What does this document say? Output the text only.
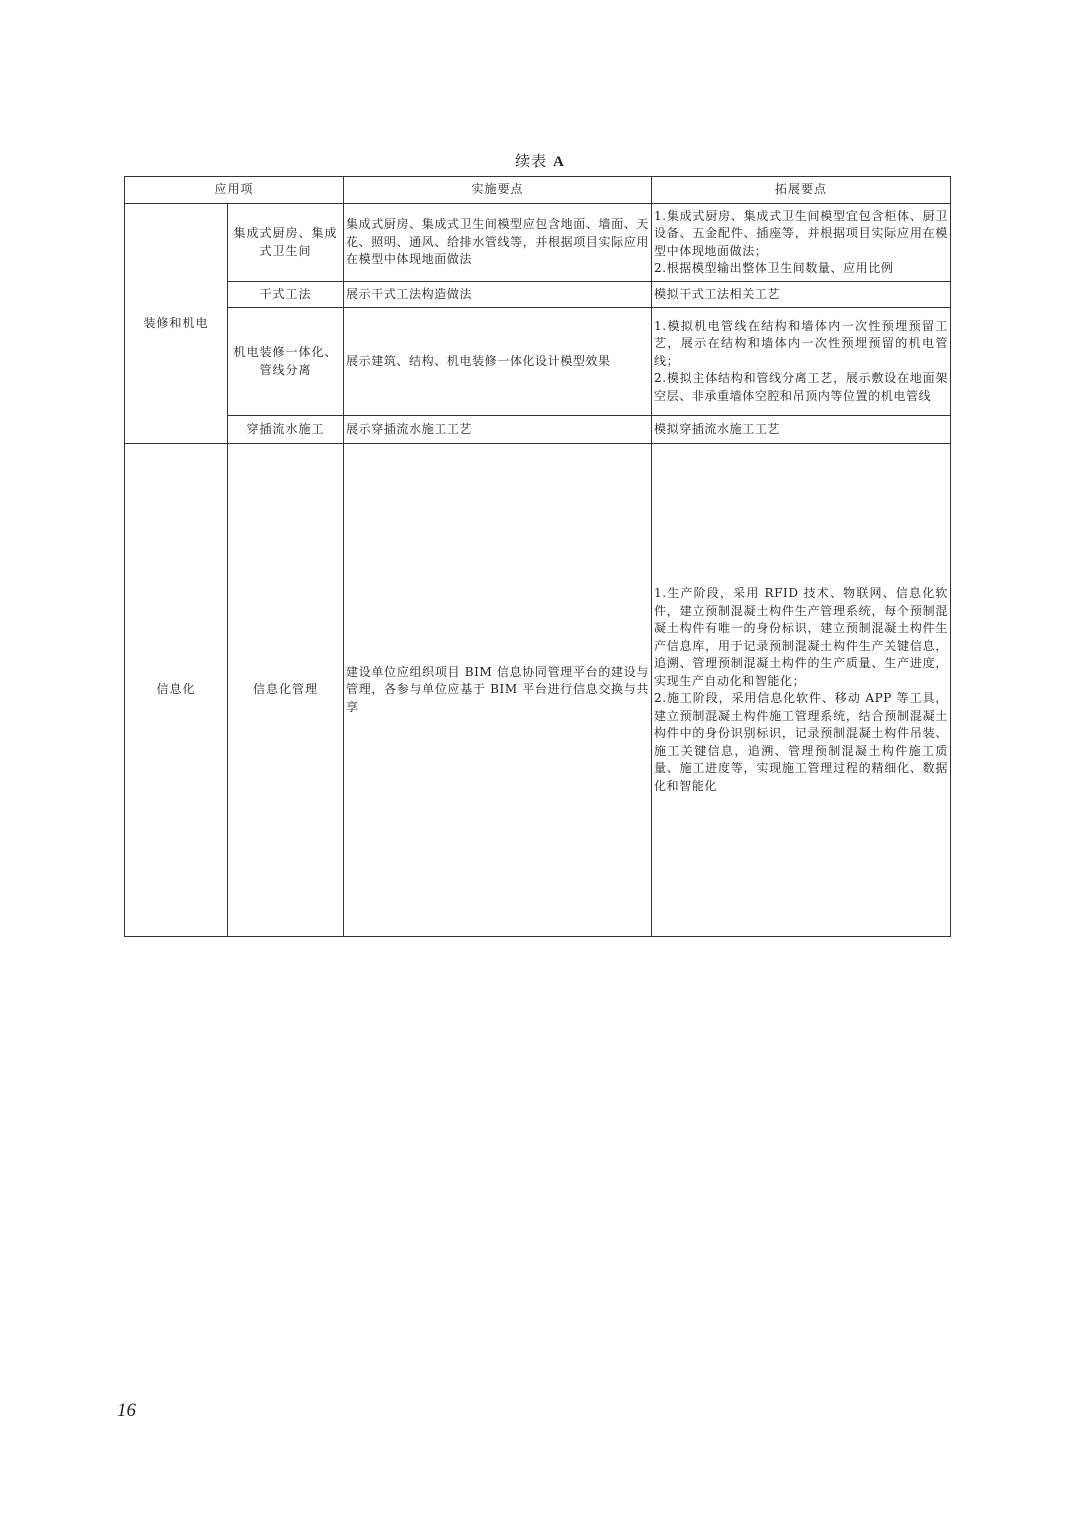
续表 A
应用项		实施要点	拓展要点
装修和机电	集成式厨房、集成式卫生间	集成式厨房、集成式卫生间模型应包含地面、墙面、天花、照明、通风、给排水管线等，并根据项目实际应用在模型中体现地面做法	1.集成式厨房、集成式卫生间模型宜包含柜体、厨卫设备、五金配件、插座等，并根据项目实际应用在模型中体现地面做法；
2.根据模型输出整体卫生间数量、应用比例

	干式工法	展示干式工法构造做法	模拟干式工法相关工艺
	机电装修一体化、管线分离	展示建筑、结构、机电装修一体化设计模型效果	1.模拟机电管线在结构和墙体内一次性预埋预留工艺，展示在结构和墙体内一次性预埋预留的机电管线；
2.模拟主体结构和管线分离工艺，展示敷设在地面架空层、非承重墙体空腔和吊顶内等位置的机电管线

	穿插流水施工	展示穿插流水施工工艺	模拟穿插流水施工工艺
信息化	信息化管理	建设单位应组织项目 BIM 信息协同管理平台的建设与管理，各参与单位应基于 BIM 平台进行信息交换与共享	1.生产阶段，采用 RFID 技术、物联网、信息化软件，建立预制混凝土构件生产管理系统，每个预制混凝土构件有唯一的身份标识，建立预制混凝土构件生产信息库，用于记录预制混凝土构件生产关键信息，追溯、管理预制混凝土构件的生产质量、生产进度，实现生产自动化和智能化；
2.施工阶段，采用信息化软件、移动 APP 等工具，建立预制混凝土构件施工管理系统，结合预制混凝土构件中的身份识别标识，记录预制混凝土构件吊装、施工关键信息，追溯、管理预制混凝土构件施工质量、施工进度等，实现施工管理过程的精细化、数据化和智能化
16
